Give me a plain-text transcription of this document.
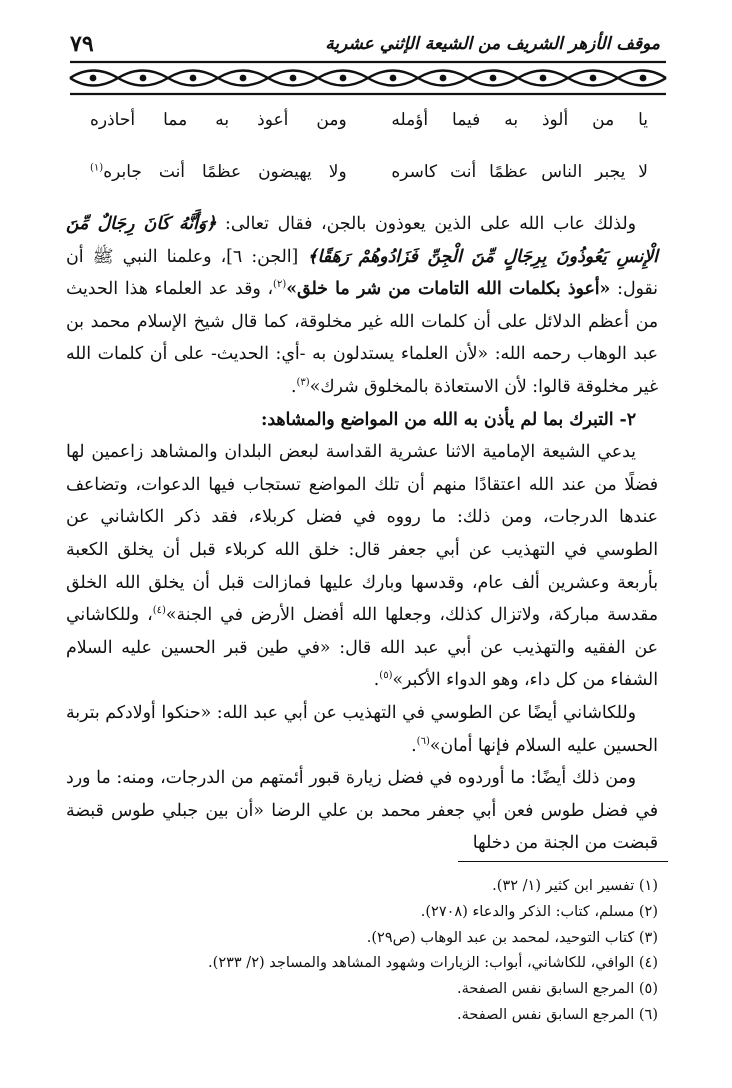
موقف الأزهر الشريف من الشيعة الإثني عشرية
٧٩
يا من ألوذ به فيما أؤمله
ومن أعوذ به مما أحاذره
لا يجبر الناس عظمًا أنت كاسره
ولا يهيضون عظمًا أنت جابره$^{(١)}$

ولذلك عاب الله على الذين يعوذون بالجن، فقال تعالى: ﴿وَأَنَّهُ كَانَ رِجَالٌ مِّنَ الْإِنسِ يَعُوذُونَ بِرِجَالٍ مِّنَ الْجِنِّ فَزَادُوهُمْ رَهَقًا﴾ [الجن: ٦]، وعلمنا النبي ﷺ أن نقول: «أعوذ بكلمات الله التامات من شر ما خلق»$^{(٢)}$، وقد عد العلماء هذا الحديث من أعظم الدلائل على أن كلمات الله غير مخلوقة، كما قال شيخ الإسلام محمد بن عبد الوهاب رحمه الله: «لأن العلماء يستدلون به -أي: الحديث- على أن كلمات الله غير مخلوقة قالوا: لأن الاستعاذة بالمخلوق شرك»$^{(٣)}$.

٢- التبرك بما لم يأذن به الله من المواضع والمشاهد:

يدعي الشيعة الإمامية الاثنا عشرية القداسة لبعض البلدان والمشاهد زاعمين لها فضلًا من عند الله اعتقادًا منهم أن تلك المواضع تستجاب فيها الدعوات، وتضاعف عندها الدرجات، ومن ذلك: ما رووه في فضل كربلاء، فقد ذكر الكاشاني عن الطوسي في التهذيب عن أبي جعفر قال: خلق الله كربلاء قبل أن يخلق الكعبة بأربعة وعشرين ألف عام، وقدسها وبارك عليها فمازالت قبل أن يخلق الله الخلق مقدسة مباركة، ولاتزال كذلك، وجعلها الله أفضل الأرض في الجنة»$^{(٤)}$، وللكاشاني عن الفقيه والتهذيب عن أبي عبد الله قال: «في طين قبر الحسين عليه السلام الشفاء من كل داء، وهو الدواء الأكبر»$^{(٥)}$.

وللكاشاني أيضًا عن الطوسي في التهذيب عن أبي عبد الله: «حنكوا أولادكم بتربة الحسين عليه السلام فإنها أمان»$^{(٦)}$.

ومن ذلك أيضًا: ما أوردوه في فضل زيارة قبور أئمتهم من الدرجات، ومنه: ما ورد في فضل طوس فعن أبي جعفر محمد بن علي الرضا «أن بين جبلي طوس قبضة قبضت من الجنة من دخلها

(١) تفسير ابن كثير (١/ ٣٢).
(٢) مسلم، كتاب: الذكر والدعاء (٢٧٠٨).
(٣) كتاب التوحيد، لمحمد بن عبد الوهاب (ص٢٩).
(٤) الوافي، للكاشاني، أبواب: الزيارات وشهود المشاهد والمساجد (٢/ ٢٣٣).
(٥) المرجع السابق نفس الصفحة.
(٦) المرجع السابق نفس الصفحة.
